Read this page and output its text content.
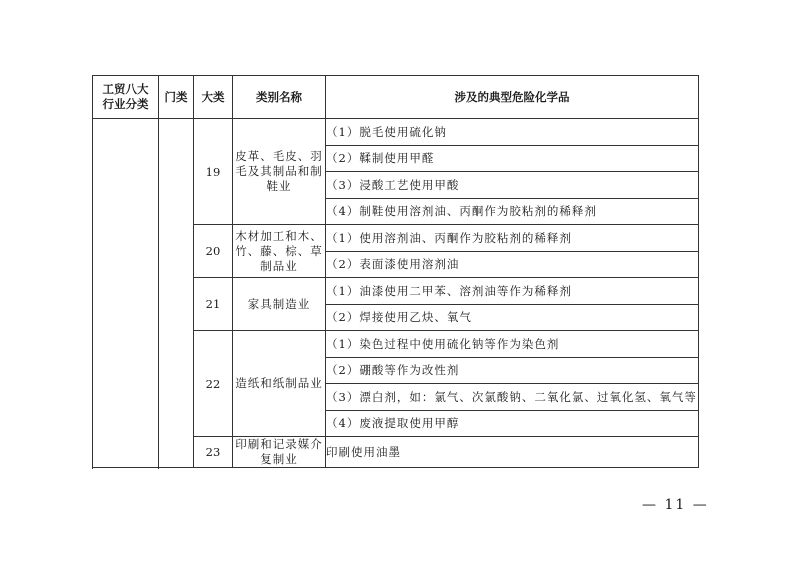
工贸八大行业分类	门类	大类	类别名称	涉及的典型危险化学品
		19	皮革、毛皮、羽毛及其制品和制鞋业	（1）脱毛使用硫化钠
				（2）鞣制使用甲醛
				（3）浸酸工艺使用甲酸
				（4）制鞋使用溶剂油、丙酮作为胶粘剂的稀释剂
		20	木材加工和木、竹、藤、棕、草制品业	（1）使用溶剂油、丙酮作为胶粘剂的稀释剂
				（2）表面漆使用溶剂油
		21	家具制造业	（1）油漆使用二甲苯、溶剂油等作为稀释剂
				（2）焊接使用乙炔、氧气
		22	造纸和纸制品业	（1）染色过程中使用硫化钠等作为染色剂
				（2）硼酸等作为改性剂
				（3）漂白剂，如：氯气、次氯酸钠、二氧化氯、过氧化氢、氧气等
				（4）废液提取使用甲醇
		23	印刷和记录媒介复制业	印刷使用油墨

— 11 —
